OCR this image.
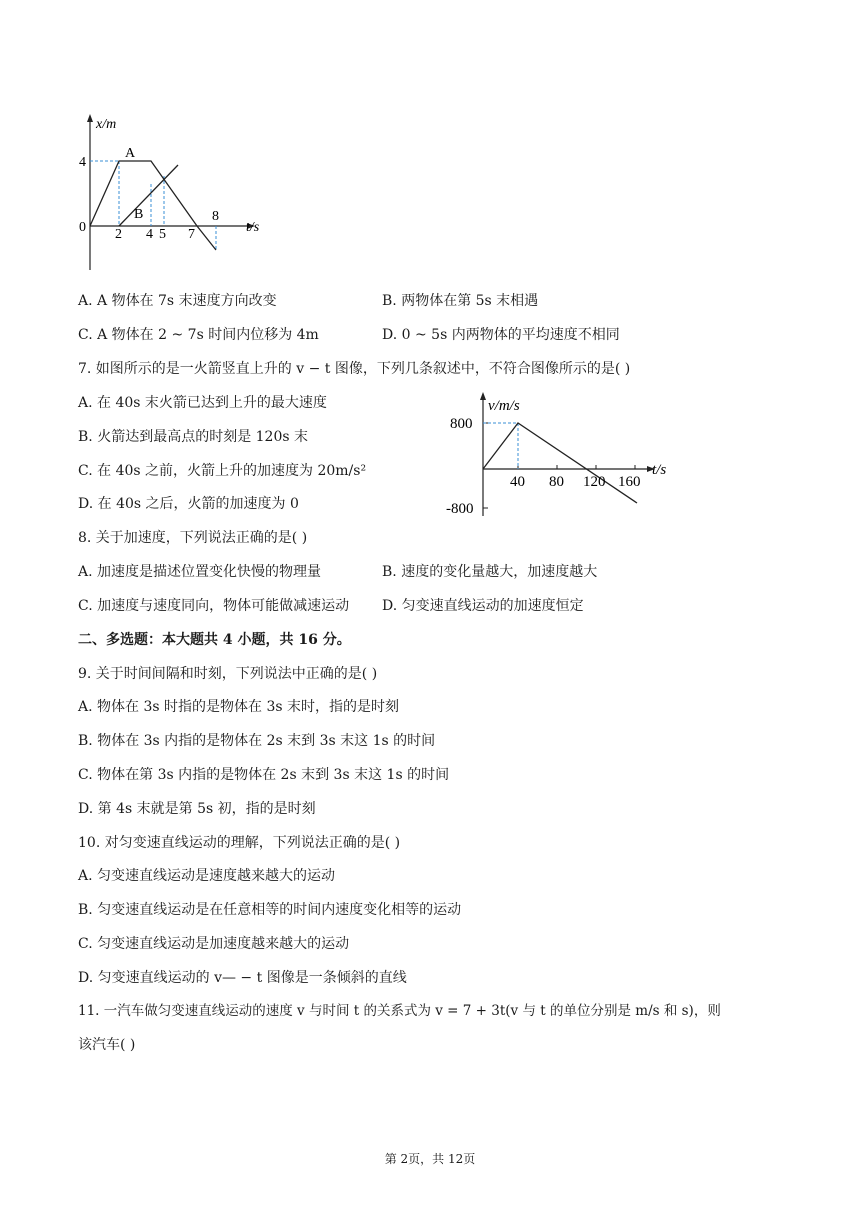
x/m
t/s
A
B
4
0 2 4 5 7
8
A. A 物体在 7s 末速度方向改变	B. 两物体在第 5s 末相遇
C. A 物体在 2 ~ 7s 时间内位移为 4m	D. 0 ~ 5s 内两物体的平均速度不相同
7. 如图所示的是一火箭竖直上升的 v − t 图像，下列几条叙述中，不符合图像所示的是( )
A. 在 40s 末火箭已达到上升的最大速度
B. 火箭达到最高点的时刻是 120s 末
C. 在 40s 之前，火箭上升的加速度为 20m/s²
D. 在 40s 之后，火箭的加速度为 0
v/m/s
t/s
800
-800
40 80 120 160
8. 关于加速度，下列说法正确的是( )
A. 加速度是描述位置变化快慢的物理量	B. 速度的变化量越大，加速度越大
C. 加速度与速度同向，物体可能做减速运动 D. 匀变速直线运动的加速度恒定
二、多选题：本大题共 4 小题，共 16 分。
9. 关于时间间隔和时刻，下列说法中正确的是( )
A. 物体在 3s 时指的是物体在 3s 末时，指的是时刻
B. 物体在 3s 内指的是物体在 2s 末到 3s 末这 1s 的时间
C. 物体在第 3s 内指的是物体在 2s 末到 3s 末这 1s 的时间
D. 第 4s 末就是第 5s 初，指的是时刻
10. 对匀变速直线运动的理解，下列说法正确的是( )
A. 匀变速直线运动是速度越来越大的运动
B. 匀变速直线运动是在任意相等的时间内速度变化相等的运动
C. 匀变速直线运动是加速度越来越大的运动
D. 匀变速直线运动的 v— − t 图像是一条倾斜的直线
11. 一汽车做匀变速直线运动的速度 v 与时间 t 的关系式为 v = 7 + 3t(v 与 t 的单位分别是 m/s 和 s)，则
该汽车( )
第 2页，共 12页
